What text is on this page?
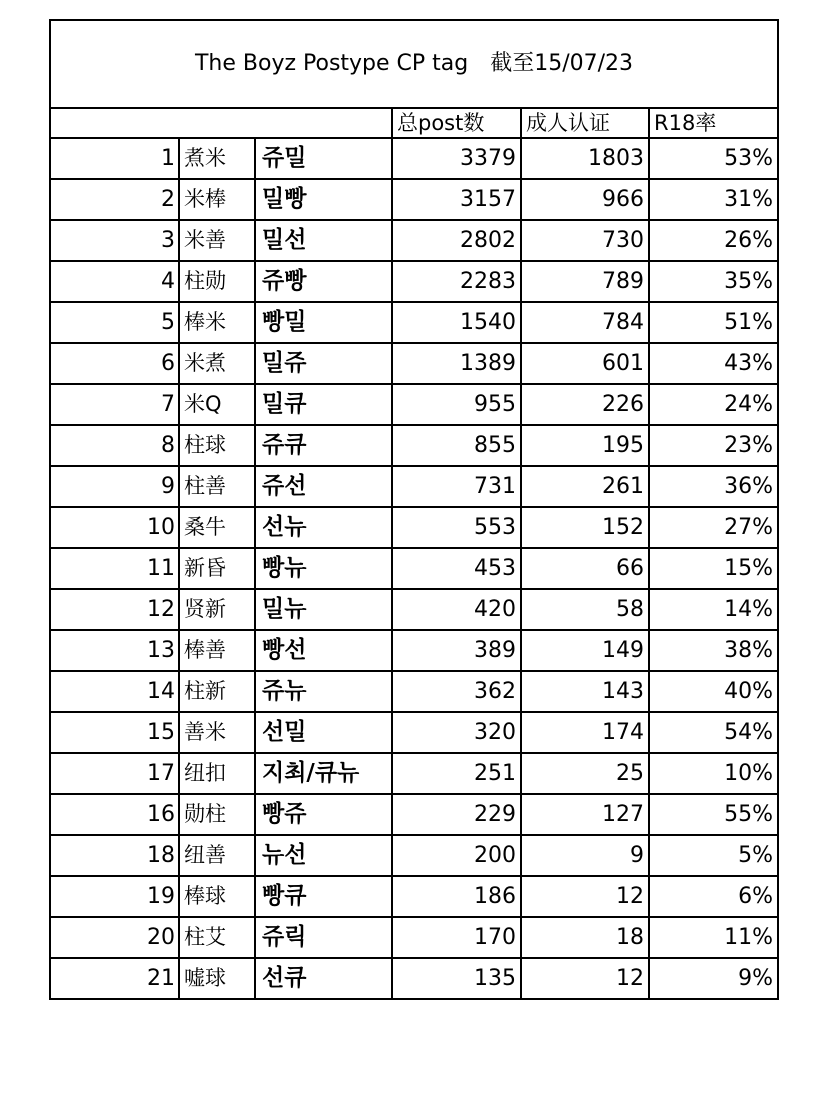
The Boyz Postype CP tag　截至15/07/23					
			总post数	成人认证	R18率
1	煮米	쥬밀	3379	1803	53%
2	米棒	밀빵	3157	966	31%
3	米善	밀선	2802	730	26%
4	柱勋	쥬빵	2283	789	35%
5	棒米	빵밀	1540	784	51%
6	米煮	밀쥬	1389	601	43%
7	米Q	밀큐	955	226	24%
8	柱球	쥬큐	855	195	23%
9	柱善	쥬선	731	261	36%
10	桑牛	선뉴	553	152	27%
11	新昏	빵뉴	453	66	15%
12	贤新	밀뉴	420	58	14%
13	棒善	빵선	389	149	38%
14	柱新	쥬뉴	362	143	40%
15	善米	선밀	320	174	54%
17	纽扣	지최/큐뉴	251	25	10%
16	勋柱	빵쥬	229	127	55%
18	纽善	뉴선	200	9	5%
19	棒球	빵큐	186	12	6%
20	柱艾	쥬릭	170	18	11%
21	嘘球	선큐	135	12	9%
